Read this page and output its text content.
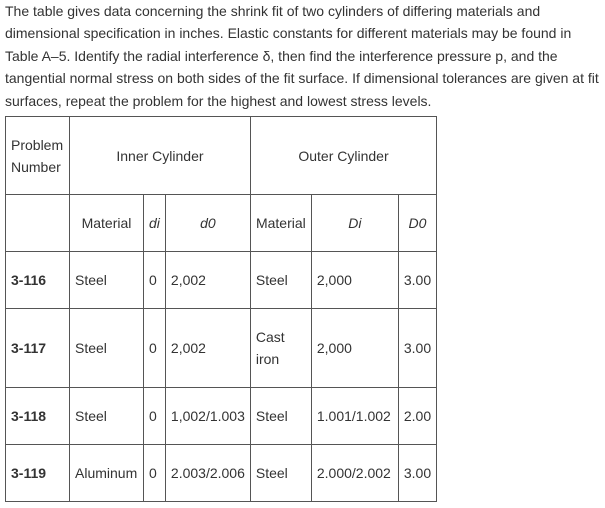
The table gives data concerning the shrink fit of two cylinders of differing materials and dimensional specification in inches. Elastic constants for different materials may be found in Table A–5. Identify the radial interference δ, then find the interference pressure p, and the tangential normal stress on both sides of the fit surface. If dimensional tolerances are given at fit surfaces, repeat the problem for the highest and lowest stress levels.

Problem Number	Inner Cylinder			Outer Cylinder		
	Material	di	d0	Material	Di	D0
3-116	Steel	0	2,002	Steel	2,000	3.00
3-117	Steel	0	2,002	Cast iron	2,000	3.00
3-118	Steel	0	1,002/1.003	Steel	1.001/1.002	2.00
3-119	Aluminum	0	2.003/2.006	Steel	2.000/2.002	3.00
